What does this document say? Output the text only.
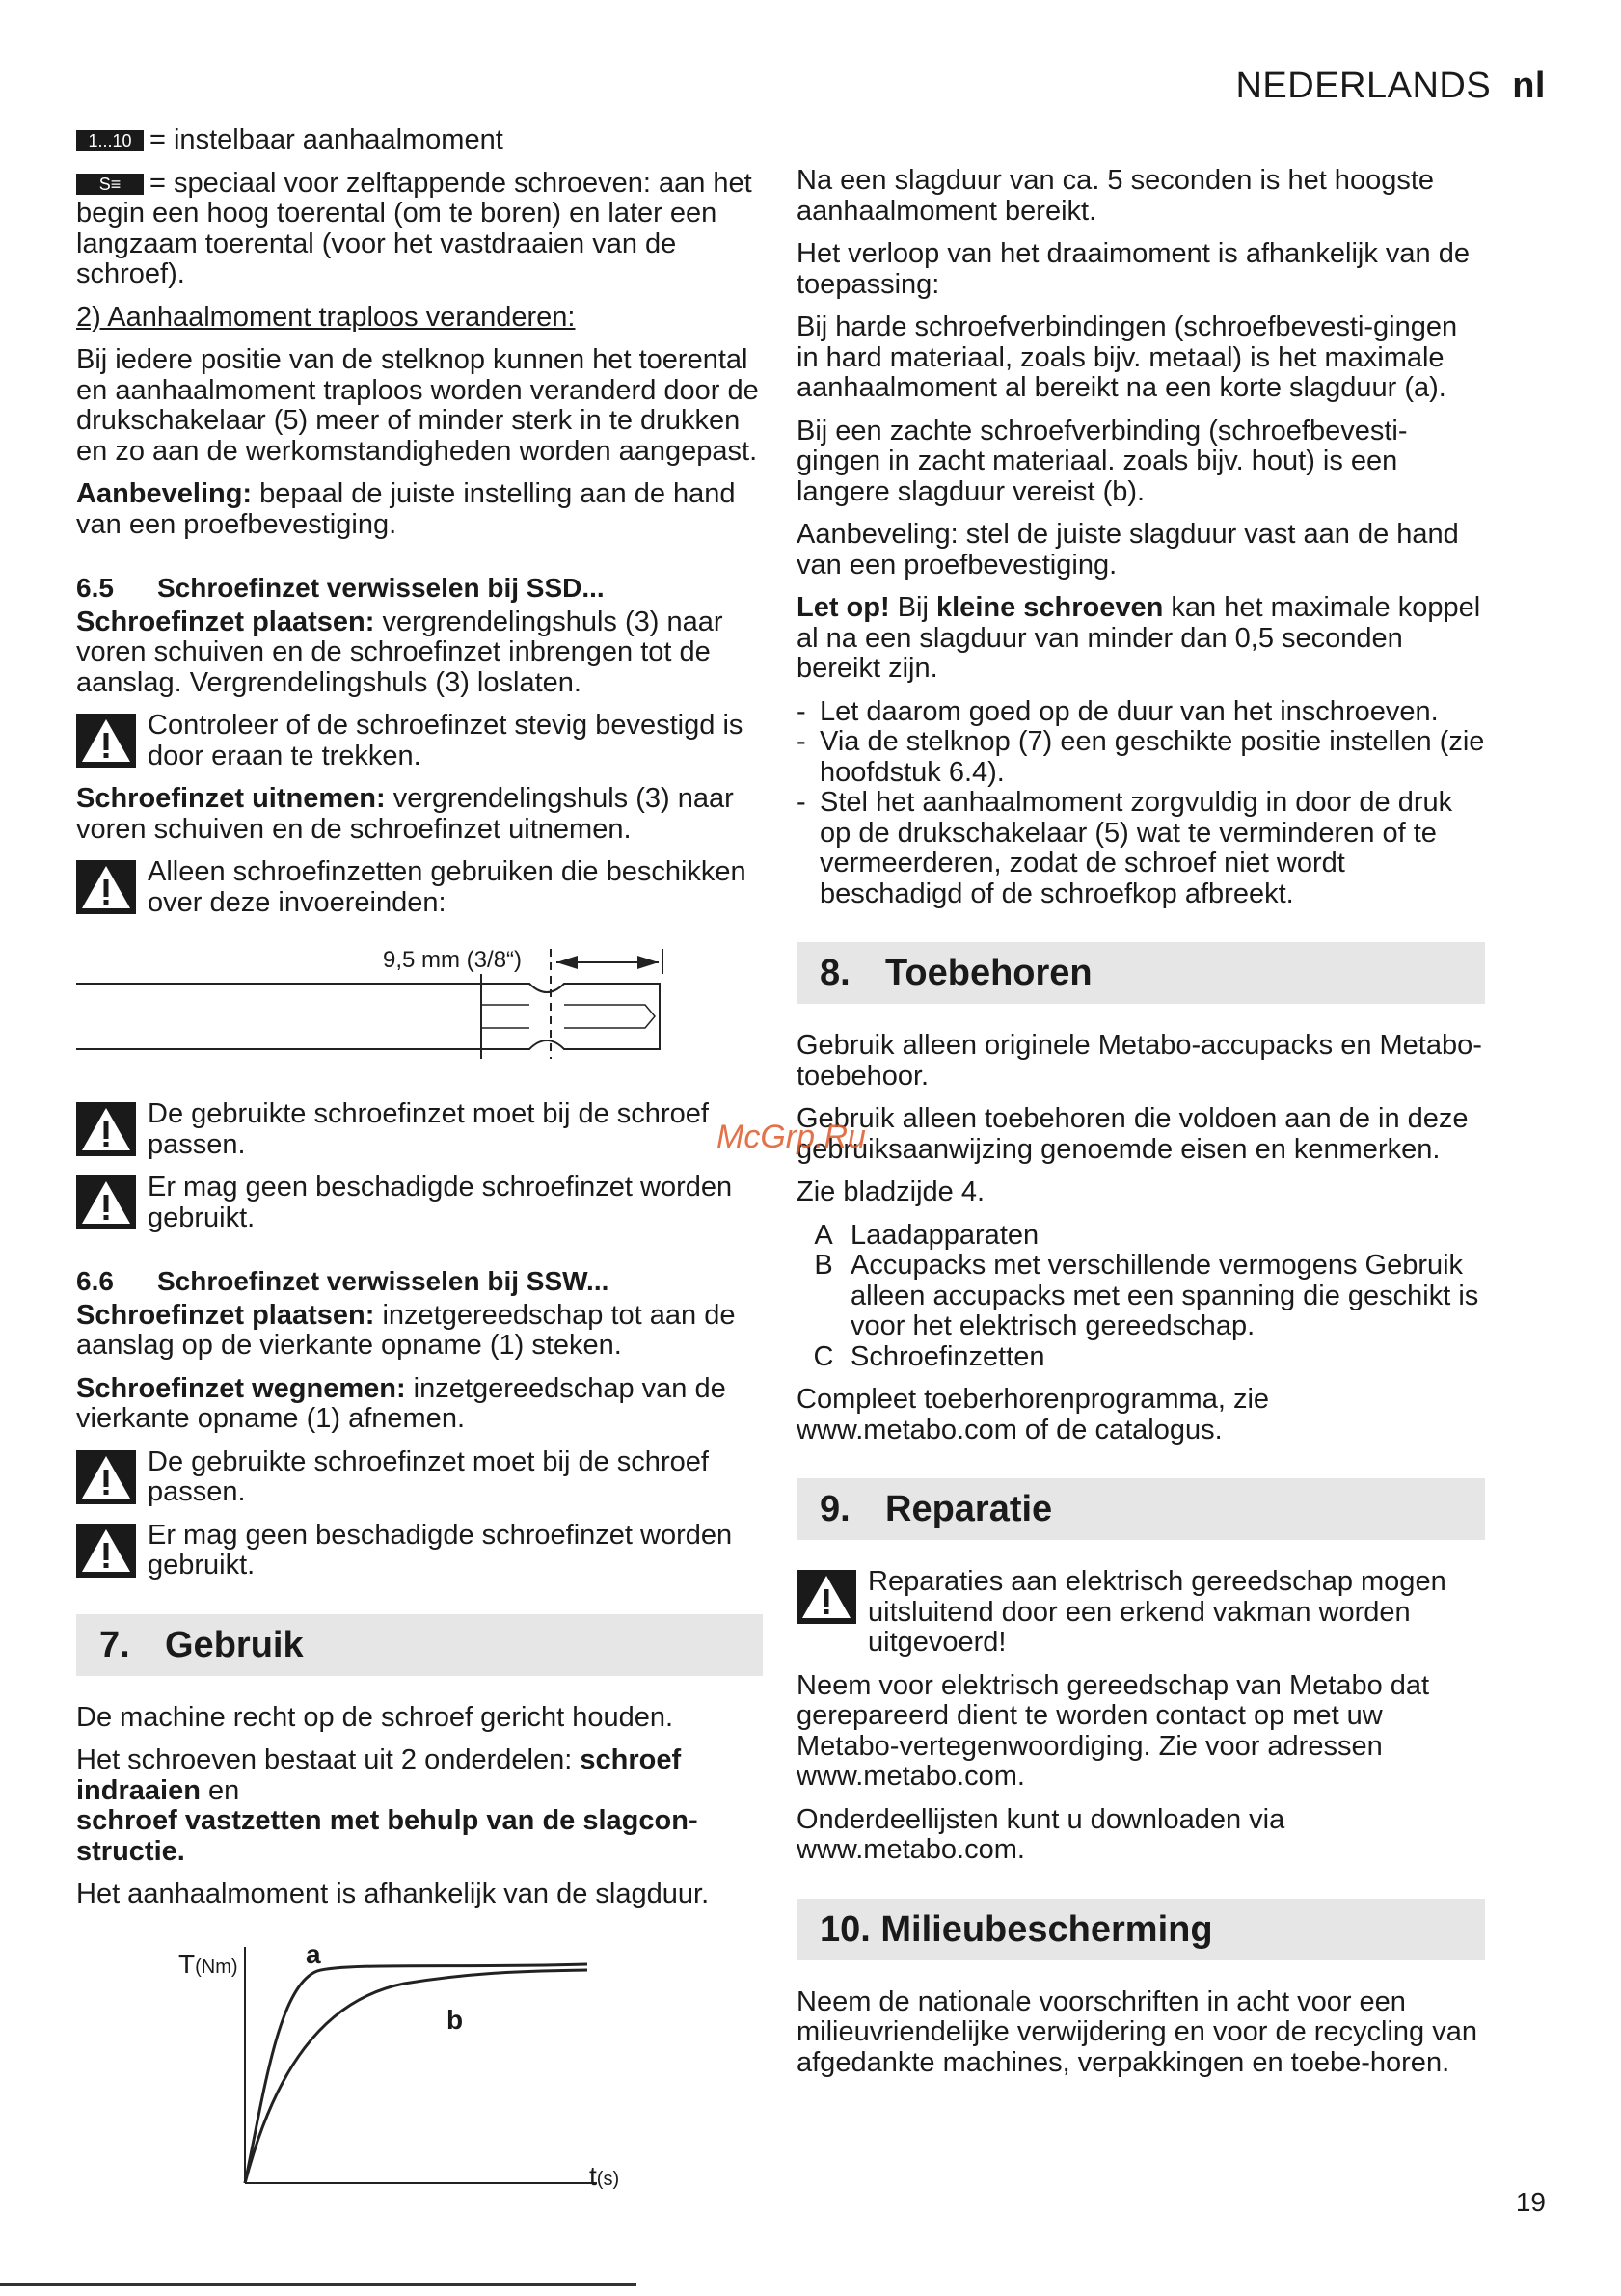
NEDERLANDS nl

1...10 = instelbaar aanhaalmoment

S≡ = speciaal voor zelftappende schroeven: aan het begin een hoog toerental (om te boren) en later een langzaam toerental (voor het vastdraaien van de schroef).

2) Aanhaalmoment traploos veranderen:

Bij iedere positie van de stelknop kunnen het toerental en aanhaalmoment traploos worden veranderd door de drukschakelaar (5) meer of minder sterk in te drukken en zo aan de werkomstandigheden worden aangepast.

Aanbeveling: bepaal de juiste instelling aan de hand van een proefbevestiging.

6.5 Schroefinzet verwisselen bij SSD...

Schroefinzet plaatsen: vergrendelingshuls (3) naar voren schuiven en de schroefinzet inbrengen tot de aanslag. Vergrendelingshuls (3) loslaten.

Controleer of de schroefinzet stevig bevestigd is door eraan te trekken.

Schroefinzet uitnemen: vergrendelingshuls (3) naar voren schuiven en de schroefinzet uitnemen.

Alleen schroefinzetten gebruiken die beschikken over deze invoereinden:
9,5 mm (3/8“)
De gebruikte schroefinzet moet bij de schroef passen.
Er mag geen beschadigde schroefinzet worden gebruikt.
6.6 Schroefinzet verwisselen bij SSW...

Schroefinzet plaatsen: inzetgereedschap tot aan de aanslag op de vierkante opname (1) steken.

Schroefinzet wegnemen: inzetgereedschap van de vierkante opname (1) afnemen.

De gebruikte schroefinzet moet bij de schroef passen.
Er mag geen beschadigde schroefinzet worden gebruikt.
7. Gebruik

De machine recht op de schroef gericht houden.

Het schroeven bestaat uit 2 onderdelen: schroef indraaien en
schroef vastzetten met behulp van de slagcon-structie.

Het aanhaalmoment is afhankelijk van de slagduur.

T(Nm)	a
b
t(s)

Na een slagduur van ca. 5 seconden is het hoogste aanhaalmoment bereikt.

Het verloop van het draaimoment is afhankelijk van de toepassing:

Bij harde schroefverbindingen (schroefbevesti-gingen in hard materiaal, zoals bijv. metaal) is het maximale aanhaalmoment al bereikt na een korte slagduur (a).

Bij een zachte schroefverbinding (schroefbevesti-gingen in zacht materiaal. zoals bijv. hout) is een langere slagduur vereist (b).

Aanbeveling: stel de juiste slagduur vast aan de hand van een proefbevestiging.

Let op! Bij kleine schroeven kan het maximale koppel al na een slagduur van minder dan 0,5 seconden bereikt zijn.

- Let daarom goed op de duur van het inschroeven.
- Via de stelknop (7) een geschikte positie instellen (zie hoofdstuk 6.4).
- Stel het aanhaalmoment zorgvuldig in door de druk op de drukschakelaar (5) wat te verminderen of te vermeerderen, zodat de schroef niet wordt beschadigd of de schroefkop afbreekt.
8. Toebehoren

Gebruik alleen originele Metabo-accupacks en Metabo-toebehoor.

Gebruik alleen toebehoren die voldoen aan de in deze gebruiksaanwijzing genoemde eisen en kenmerken.

Zie bladzijde 4.

A Laadapparaten
B Accupacks met verschillende vermogens Gebruik alleen accupacks met een spanning die geschikt is voor het elektrisch gereedschap.
C Schroefinzetten

Compleet toeberhorenprogramma, zie www.metabo.com of de catalogus.

9. Reparatie
Reparaties aan elektrisch gereedschap mogen uitsluitend door een erkend vakman worden uitgevoerd!

Neem voor elektrisch gereedschap van Metabo dat gerepareerd dient te worden contact op met uw Metabo-vertegenwoordiging. Zie voor adressen www.metabo.com.

Onderdeellijsten kunt u downloaden via www.metabo.com.

10. Milieubescherming

Neem de nationale voorschriften in acht voor een milieuvriendelijke verwijdering en voor de recycling van afgedankte machines, verpakkingen en toebe-horen.

McGrp.Ru
19
